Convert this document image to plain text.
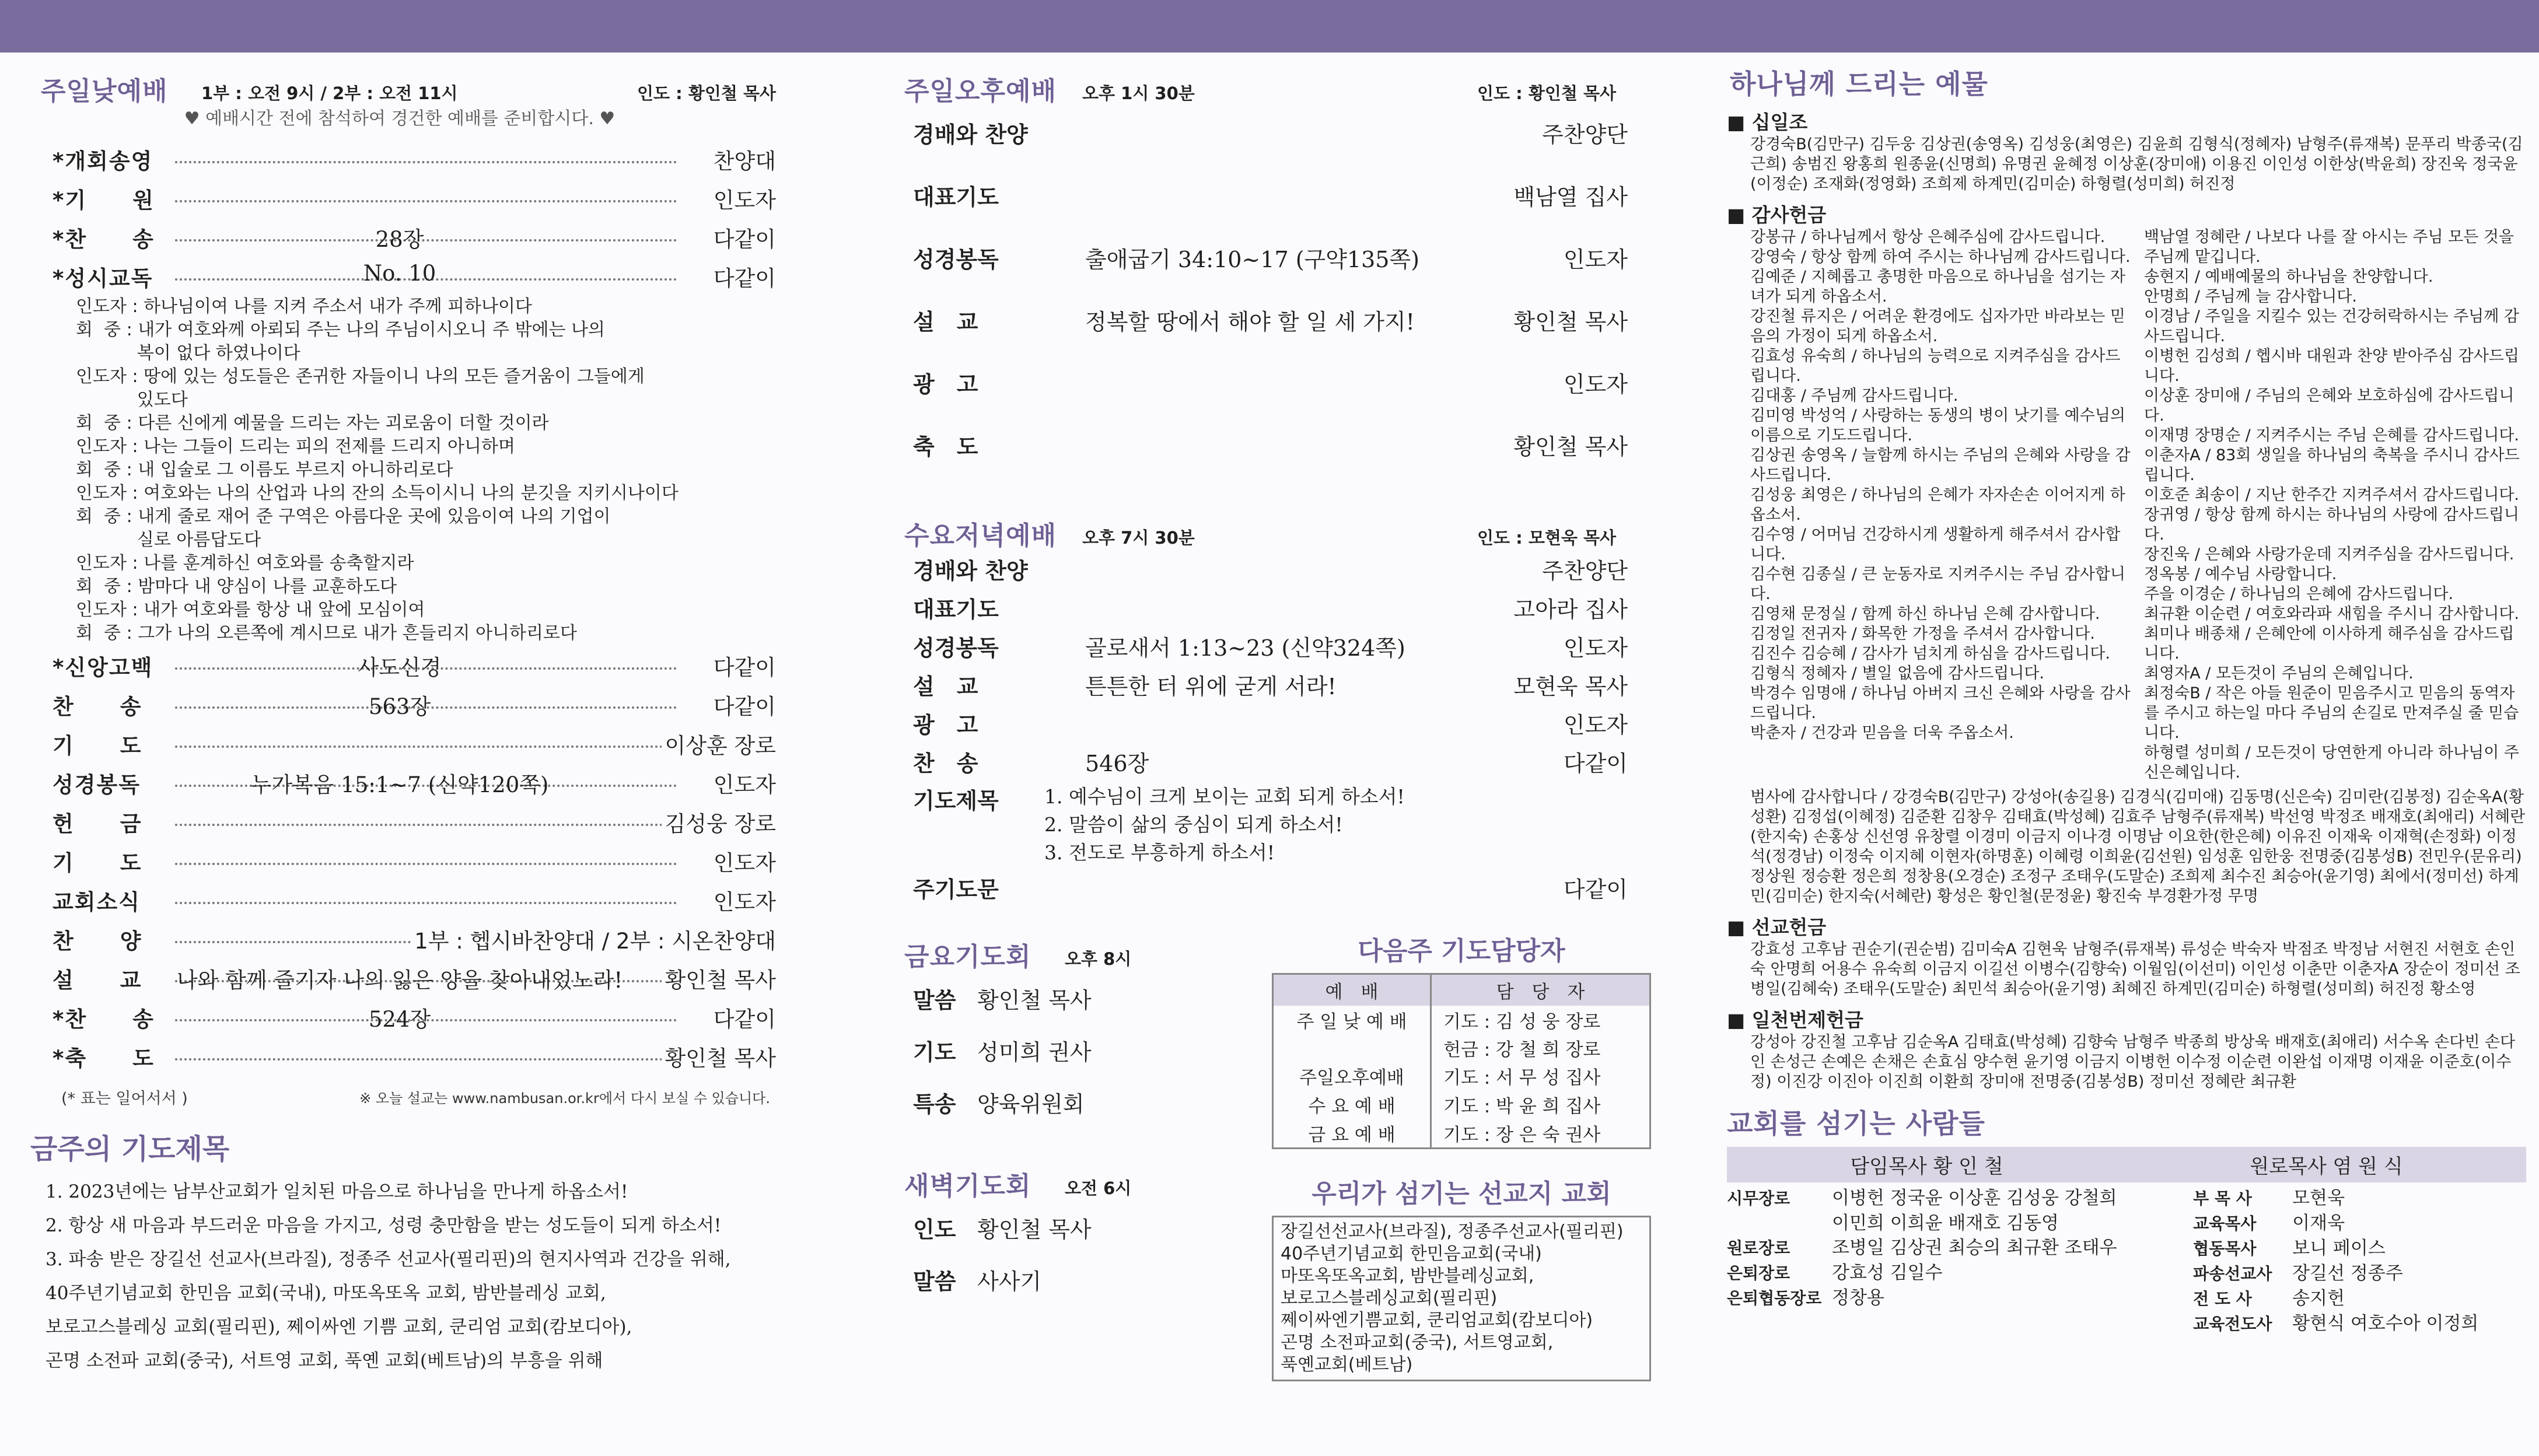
주일낮예배 1부 : 오전 9시 / 2부 : 오전 11시	인도 : 황인철 목사
♥ 예배시간 전에 참석하여 경건한 예배를 준비합시다. ♥
*개회송영	찬양대
*기　　원	인도자
*찬　　송	28장	다같이
*성시교독	No. 10	다같이
인도자 : 하나님이여 나를 지켜 주소서 내가 주께 피하나이다
회  중 : 내가 여호와께 아뢰되 주는 나의 주님이시오니 주 밖에는 나의
복이 없다 하였나이다
인도자 : 땅에 있는 성도들은 존귀한 자들이니 나의 모든 즐거움이 그들에게
있도다
회  중 : 다른 신에게 예물을 드리는 자는 괴로움이 더할 것이라
인도자 : 나는 그들이 드리는 피의 전제를 드리지 아니하며
회  중 : 내 입술로 그 이름도 부르지 아니하리로다
인도자 : 여호와는 나의 산업과 나의 잔의 소득이시니 나의 분깃을 지키시나이다
회  중 : 내게 줄로 재어 준 구역은 아름다운 곳에 있음이여 나의 기업이
실로 아름답도다
인도자 : 나를 훈계하신 여호와를 송축할지라
회  중 : 밤마다 내 양심이 나를 교훈하도다
인도자 : 내가 여호와를 항상 내 앞에 모심이여
회  중 : 그가 나의 오른쪽에 계시므로 내가 흔들리지 아니하리로다
*신앙고백	사도신경	다같이
찬　　송	563장	다같이
기　　도	이상훈 장로
성경봉독	누가복음 15:1~7 (신약120쪽)	인도자
헌　　금	김성웅 장로
기　　도	인도자
교회소식	인도자
찬　　양	1부 : 헵시바찬양대 / 2부 : 시온찬양대
설　　교	나와 함께 즐기자 나의 잃은 양을 찾아내었노라!	황인철 목사
*찬　　송	524장	다같이
*축　　도	황인철 목사
(* 표는 일어서서 )	※ 오늘 설교는 www.nambusan.or.kr에서 다시 보실 수 있습니다.
금주의 기도제목
1. 2023년에는 남부산교회가 일치된 마음으로 하나님을 만나게 하옵소서!
2. 항상 새 마음과 부드러운 마음을 가지고, 성령 충만함을 받는 성도들이 되게 하소서!
3. 파송 받은 장길선 선교사(브라질), 정종주 선교사(필리핀)의 현지사역과 건강을 위해,
40주년기념교회 한민음 교회(국내), 마또옥또옥 교회, 밤반블레싱 교회,
보로고스블레싱 교회(필리핀), 쩨이싸엔 기쁨 교회, 쿤리엄 교회(캄보디아),
곤명 소전파 교회(중국), 서트영 교회, 푹옌 교회(베트남)의 부흥을 위해
주일오후예배 오후 1시 30분	인도 : 황인철 목사
경배와 찬양	주찬양단
대표기도	백남열 집사
성경봉독	출애굽기 34:10~17 (구약135쪽)	인도자
설　교	정복할 땅에서 해야 할 일 세 가지!	황인철 목사
광　고	인도자
축　도	황인철 목사
수요저녁예배 오후 7시 30분	인도 : 모현욱 목사
경배와 찬양	주찬양단
대표기도	고아라 집사
성경봉독	골로새서 1:13~23 (신약324쪽)	인도자
설　교	튼튼한 터 위에 굳게 서라!	모현욱 목사
광　고	인도자
찬　송	546장	다같이
기도제목 1. 예수님이 크게 보이는 교회 되게 하소서!
2. 말씀이 삶의 중심이 되게 하소서!
3. 전도로 부흥하게 하소서!
주기도문	다같이
금요기도회 오후 8시
말씀 황인철 목사
기도 성미희 권사
특송 양육위원회
새벽기도회 오전 6시
인도 황인철 목사
말씀 사사기
다음주 기도담당자
예　배	담　당　자
주 일 낮 예 배	기도 : 김 성 웅 장로
	헌금 : 강 철 희 장로
주일오후예배	기도 : 서 무 성 집사
수 요 예 배	기도 : 박 윤 희 집사
금 요 예 배	기도 : 장 은 숙 권사
우리가 섬기는 선교지 교회
장길선선교사(브라질), 정종주선교사(필리핀)
40주년기념교회 한민음교회(국내)
마또옥또옥교회, 밤반블레싱교회,
보로고스블레싱교회(필리핀)
쩨이싸엔기쁨교회, 쿤리엄교회(캄보디아)
곤명 소전파교회(중국), 서트영교회,
푹옌교회(베트남)
하나님께 드리는 예물
■ 십일조
강경숙B(김만구) 김두웅 김상권(송영옥) 김성웅(최영은) 김윤희 김형식(정혜자) 남형주(류재복) 문푸리 박종국(김근희) 송범진 왕홍희 원종윤(신명희) 유명권 윤혜정 이상훈(장미애) 이용진 이인성 이한상(박윤희) 장진욱 정국윤(이정순) 조재화(정영화) 조희제 하계민(김미순) 하형렬(성미희) 허진정
■ 감사헌금
강봉규 / 하나님께서 항상 은혜주심에 감사드립니다.
강영숙 / 항상 함께 하여 주시는 하나님께 감사드립니다.
김예준 / 지혜롭고 총명한 마음으로 하나님을 섬기는 자녀가 되게 하옵소서.
강진철 류지은 / 어려운 환경에도 십자가만 바라보는 믿음의 가정이 되게 하옵소서.
김효성 유숙희 / 하나님의 능력으로 지켜주심을 감사드립니다.
김대홍 / 주님께 감사드립니다.
김미영 박성억 / 사랑하는 동생의 병이 낫기를 예수님의 이름으로 기도드립니다.
김상권 송영옥 / 늘함께 하시는 주님의 은혜와 사랑을 감사드립니다.
김성웅 최영은 / 하나님의 은혜가 자자손손 이어지게 하옵소서.
김수영 / 어머님 건강하시게 생활하게 해주셔서 감사합니다.
김수현 김종실 / 큰 눈동자로 지켜주시는 주님 감사합니다.
김영채 문정실 / 함께 하신 하나님 은혜 감사합니다.
김정일 전귀자 / 화목한 가정을 주셔서 감사합니다.
김진수 김승혜 / 감사가 넘치게 하심을 감사드립니다.
김형식 정혜자 / 별일 없음에 감사드립니다.
박경수 임명애 / 하나님 아버지 크신 은혜와 사랑을 감사드립니다.
박춘자 / 건강과 믿음을 더욱 주옵소서.
백남열 정혜란 / 나보다 나를 잘 아시는 주님 모든 것을 주님께 맡깁니다.
송현지 / 예배예물의 하나님을 찬양합니다.
안명희 / 주님께 늘 감사합니다.
이경남 / 주일을 지킬수 있는 건강허락하시는 주님께 감사드립니다.
이병헌 김성희 / 헵시바 대원과 찬양 받아주심 감사드립니다.
이상훈 장미애 / 주님의 은혜와 보호하심에 감사드립니다.
이재명 장명순 / 지켜주시는 주님 은혜를 감사드립니다.
이춘자A / 83회 생일을 하나님의 축복을 주시니 감사드립니다.
이호준 최송이 / 지난 한주간 지켜주셔서 감사드립니다.
장귀영 / 항상 함께 하시는 하나님의 사랑에 감사드립니다.
장진욱 / 은혜와 사랑가운데 지켜주심을 감사드립니다.
정옥봉 / 예수님 사랑합니다.
주을 이경순 / 하나님의 은혜에 감사드립니다.
최규환 이순련 / 여호와라파 새힘을 주시니 감사합니다.
최미나 배종채 / 은혜안에 이사하게 해주심을 감사드립니다.
최영자A / 모든것이 주님의 은혜입니다.
최정숙B / 작은 아들 원준이 믿음주시고 믿음의 동역자를 주시고 하는일 마다 주님의 손길로 만져주실 줄 믿습니다.
하형렬 성미희 / 모든것이 당연한게 아니라 하나님이 주신은혜입니다.
범사에 감사합니다 / 강경숙B(김만구) 강성아(송길용) 김경식(김미애) 김동명(신은숙) 김미란(김봉정) 김순옥A(황성환) 김정섭(이혜정) 김준환 김창우 김태효(박성혜) 김효주 남형주(류재복) 박선영 박정조 배재호(최애리) 서혜란(한지숙) 손홍상 신선영 유창렬 이경미 이금지 이나경 이명남 이요한(한은혜) 이유진 이재욱 이재혁(손정화) 이정석(정경남) 이정숙 이지혜 이현자(하명훈) 이혜령 이희윤(김선원) 임성훈 임한웅 전명중(김봉성B) 전민우(문유리) 정상원 정승환 정은희 정창용(오경순) 조정구 조태우(도말순) 조희제 최수진 최승아(윤기영) 최에서(정미선) 하계민(김미순) 한지숙(서혜란) 황성은 황인철(문정윤) 황진숙 부경환가정 무명
■ 선교헌금
강효성 고후남 권순기(권순범) 김미숙A 김현욱 남형주(류재복) 류성순 박숙자 박점조 박정남 서현진 서현호 손인숙 안명희 어용수 유숙희 이금지 이길선 이병수(김향숙) 이월임(이선미) 이인성 이춘만 이춘자A 장순이 정미선 조병일(김혜숙) 조태우(도말순) 최민석 최승아(윤기영) 최혜진 하계민(김미순) 하형렬(성미희) 허진정 황소영
■ 일천번제헌금
강성아 강진철 고후남 김순옥A 김태효(박성혜) 김향숙 남형주 박종희 방상욱 배재호(최애리) 서수옥 손다빈 손다인 손성근 손예은 손채은 손효심 양수현 윤기영 이금지 이병헌 이수정 이순련 이완섭 이재명 이재윤 이준호(이수정) 이진강 이진아 이진희 이환희 장미애 전명중(김봉성B) 정미선 정혜란 최규환
교회를 섬기는 사람들
담임목사 황 인 철	원로목사 염 원 식
시무장로 이병헌 정국윤 이상훈 김성웅 강철희
이민희 이희윤 배재호 김동영
원로장로 조병일 김상권 최승의 최규환 조태우
은퇴장로 강효성 김일수
은퇴협동장로 정창용
부 목 사 모현욱
교육목사 이재욱
협동목사 보니 페이스
파송선교사 장길선 정종주
전 도 사 송지헌
교육전도사 황현식 여호수아 이정희
